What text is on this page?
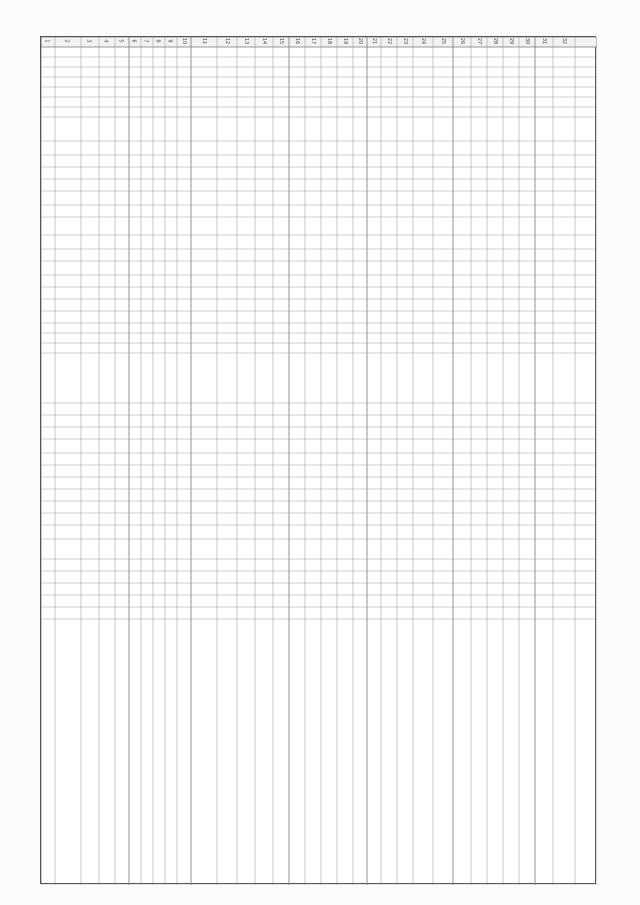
1	2	3 4 5 6 7 8 9 10	11	12	13 14 15 16 17 18 19 20 21 22 23 24	25	26 27 28 29 30 31	32
